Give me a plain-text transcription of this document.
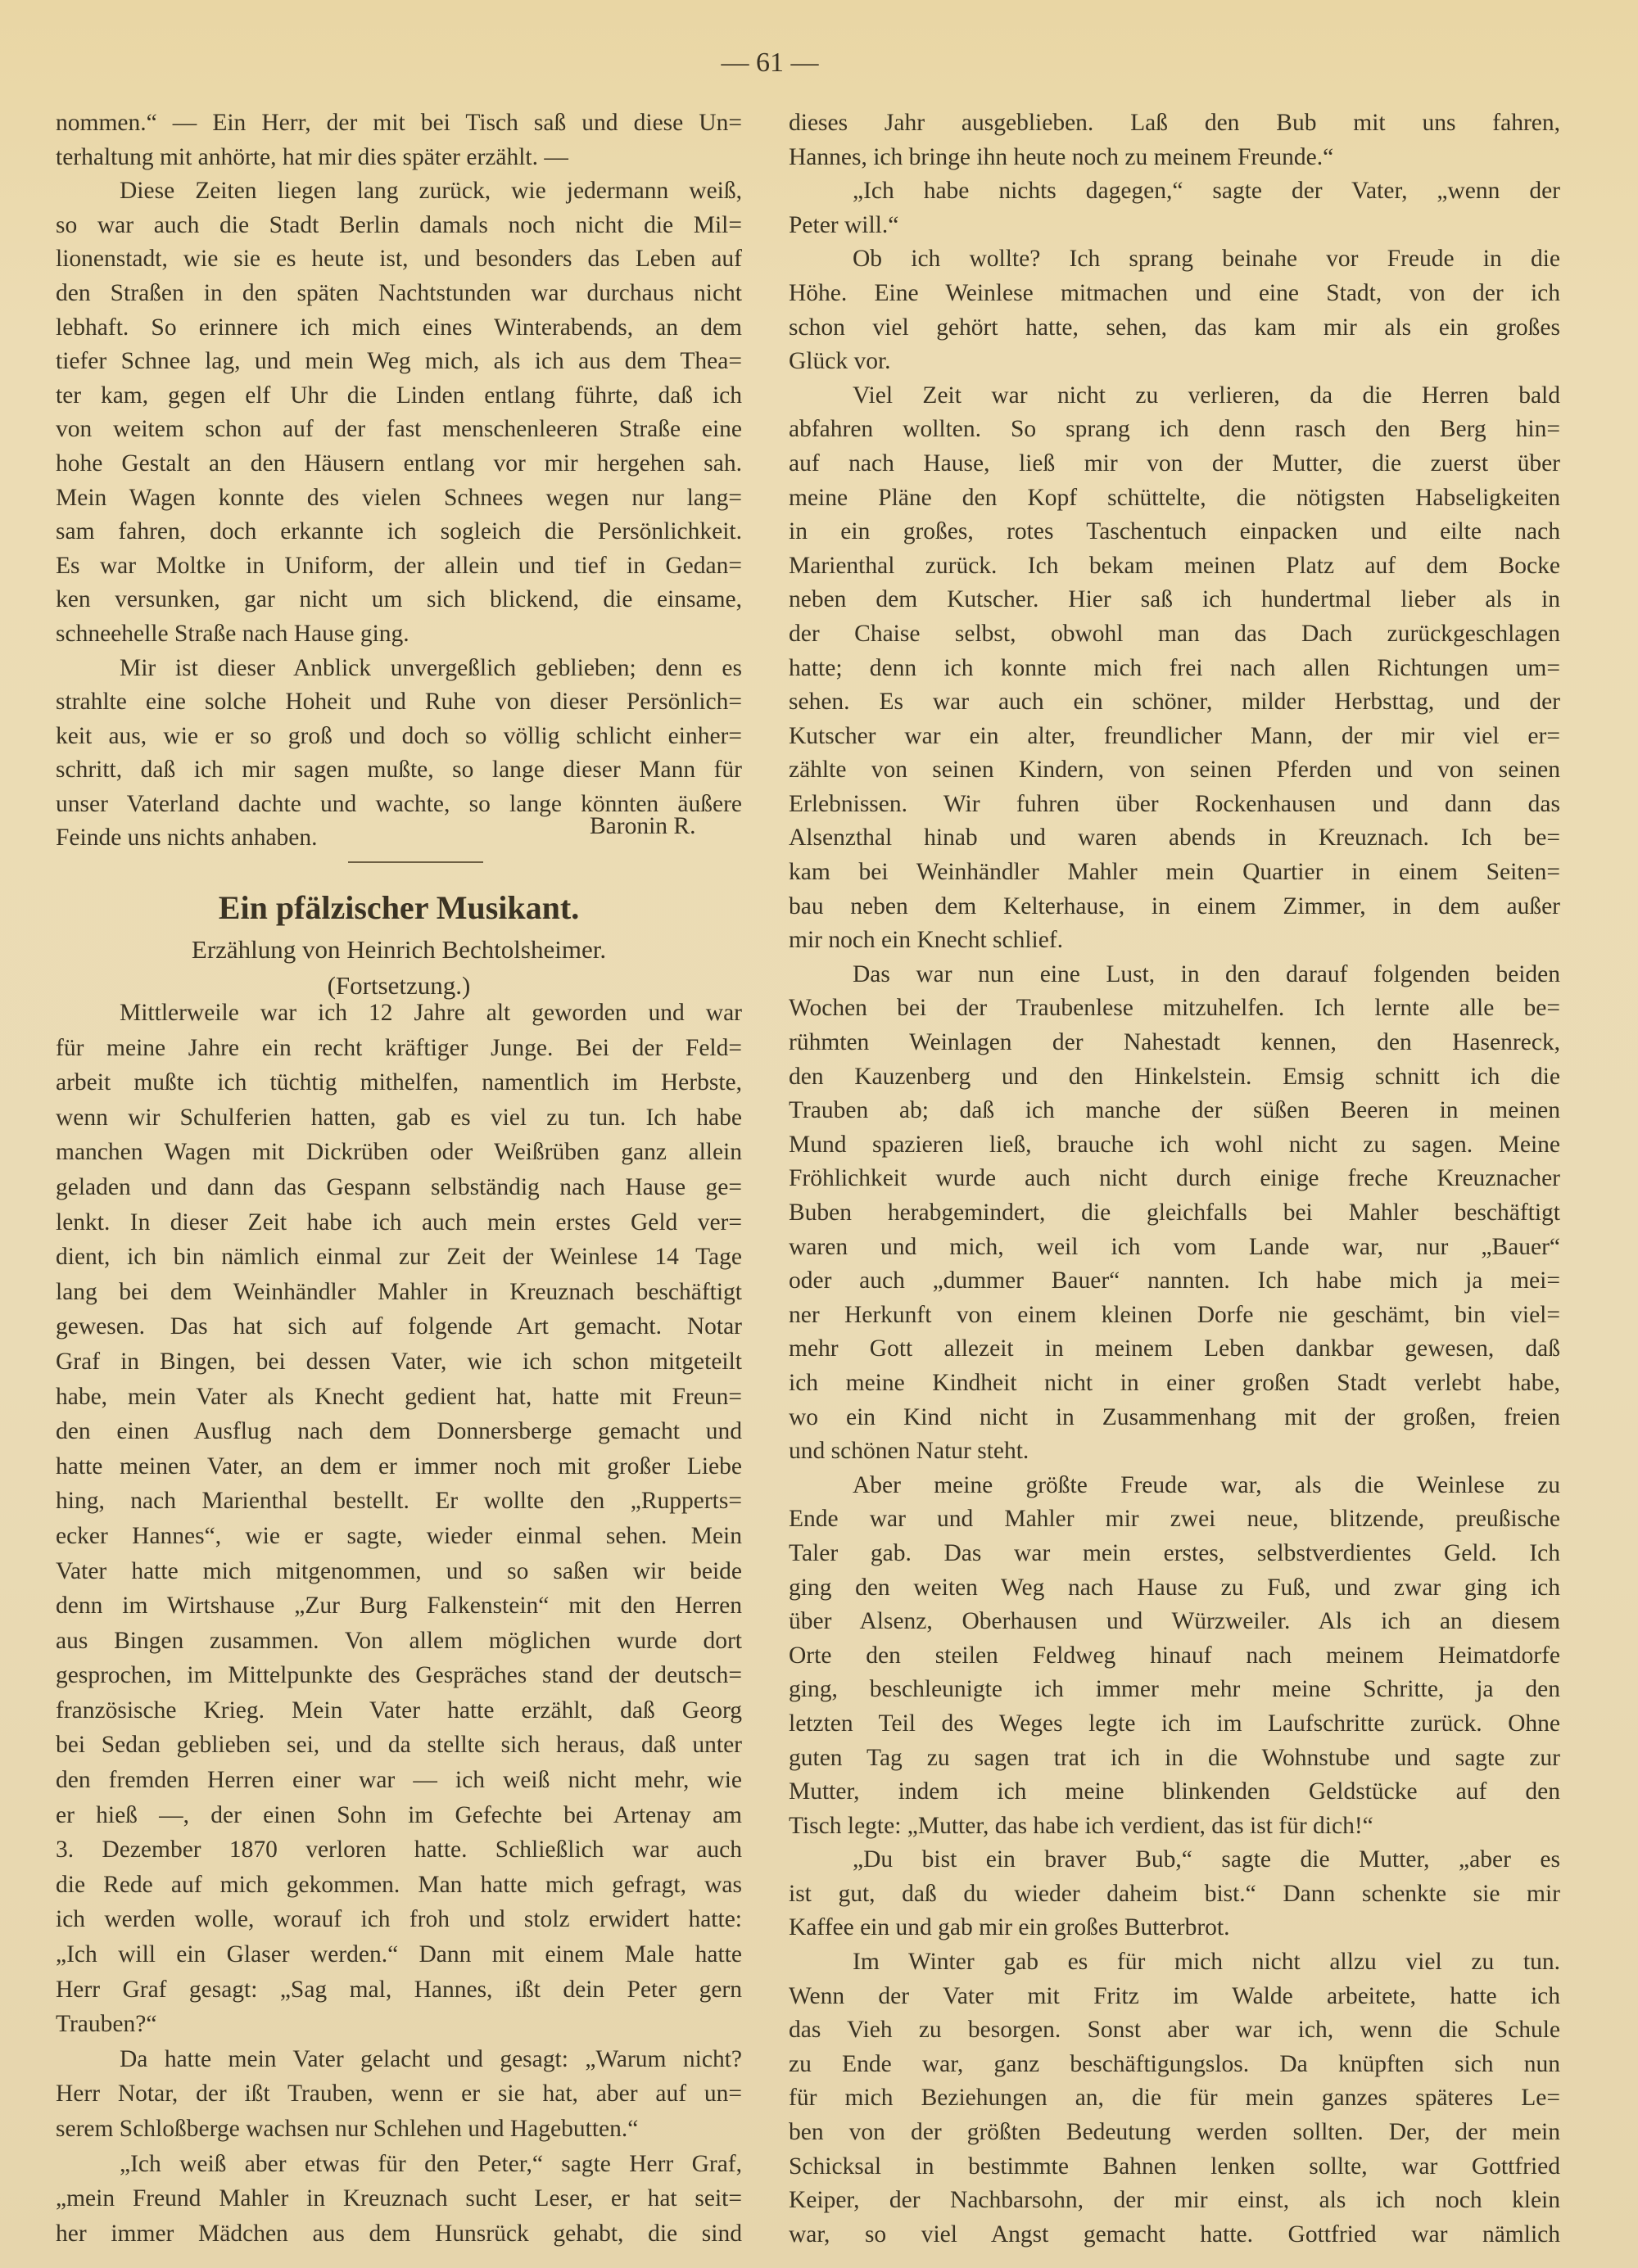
— 61 —
nommen.“ — Ein Herr, der mit bei Tisch saß und diese Un=
terhaltung mit anhörte, hat mir dies später erzählt. —
Diese Zeiten liegen lang zurück, wie jedermann weiß,
so war auch die Stadt Berlin damals noch nicht die Mil=
lionenstadt, wie sie es heute ist, und besonders das Leben auf
den Straßen in den späten Nachtstunden war durchaus nicht
lebhaft. So erinnere ich mich eines Winterabends, an dem
tiefer Schnee lag, und mein Weg mich, als ich aus dem Thea=
ter kam, gegen elf Uhr die Linden entlang führte, daß ich
von weitem schon auf der fast menschenleeren Straße eine
hohe Gestalt an den Häusern entlang vor mir hergehen sah.
Mein Wagen konnte des vielen Schnees wegen nur lang=
sam fahren, doch erkannte ich sogleich die Persönlichkeit.
Es war Moltke in Uniform, der allein und tief in Gedan=
ken versunken, gar nicht um sich blickend, die einsame,
schneehelle Straße nach Hause ging.
Mir ist dieser Anblick unvergeßlich geblieben; denn es
strahlte eine solche Hoheit und Ruhe von dieser Persönlich=
keit aus, wie er so groß und doch so völlig schlicht einher=
schritt, daß ich mir sagen mußte, so lange dieser Mann für
unser Vaterland dachte und wachte, so lange könnten äußere
Feinde uns nichts anhaben.	Baronin R.
Ein pfälzischer Musikant.
Erzählung von Heinrich Bechtolsheimer.
(Fortsetzung.)
Mittlerweile war ich 12 Jahre alt geworden und war
für meine Jahre ein recht kräftiger Junge. Bei der Feld=
arbeit mußte ich tüchtig mithelfen, namentlich im Herbste,
wenn wir Schulferien hatten, gab es viel zu tun. Ich habe
manchen Wagen mit Dickrüben oder Weißrüben ganz allein
geladen und dann das Gespann selbständig nach Hause ge=
lenkt. In dieser Zeit habe ich auch mein erstes Geld ver=
dient, ich bin nämlich einmal zur Zeit der Weinlese 14 Tage
lang bei dem Weinhändler Mahler in Kreuznach beschäftigt
gewesen. Das hat sich auf folgende Art gemacht. Notar
Graf in Bingen, bei dessen Vater, wie ich schon mitgeteilt
habe, mein Vater als Knecht gedient hat, hatte mit Freun=
den einen Ausflug nach dem Donnersberge gemacht und
hatte meinen Vater, an dem er immer noch mit großer Liebe
hing, nach Marienthal bestellt. Er wollte den „Rupperts=
ecker Hannes“, wie er sagte, wieder einmal sehen. Mein
Vater hatte mich mitgenommen, und so saßen wir beide
denn im Wirtshause „Zur Burg Falkenstein“ mit den Herren
aus Bingen zusammen. Von allem möglichen wurde dort
gesprochen, im Mittelpunkte des Gespräches stand der deutsch=
französische Krieg. Mein Vater hatte erzählt, daß Georg
bei Sedan geblieben sei, und da stellte sich heraus, daß unter
den fremden Herren einer war — ich weiß nicht mehr, wie
er hieß —, der einen Sohn im Gefechte bei Artenay am
3. Dezember 1870 verloren hatte. Schließlich war auch
die Rede auf mich gekommen. Man hatte mich gefragt, was
ich werden wolle, worauf ich froh und stolz erwidert hatte:
„Ich will ein Glaser werden.“ Dann mit einem Male hatte
Herr Graf gesagt: „Sag mal, Hannes, ißt dein Peter gern
Trauben?“
Da hatte mein Vater gelacht und gesagt: „Warum nicht?
Herr Notar, der ißt Trauben, wenn er sie hat, aber auf un=
serem Schloßberge wachsen nur Schlehen und Hagebutten.“
„Ich weiß aber etwas für den Peter,“ sagte Herr Graf,
„mein Freund Mahler in Kreuznach sucht Leser, er hat seit=
her immer Mädchen aus dem Hunsrück gehabt, die sind
dieses Jahr ausgeblieben. Laß den Bub mit uns fahren,
Hannes, ich bringe ihn heute noch zu meinem Freunde.“
„Ich habe nichts dagegen,“ sagte der Vater, „wenn der
Peter will.“
Ob ich wollte? Ich sprang beinahe vor Freude in die
Höhe. Eine Weinlese mitmachen und eine Stadt, von der ich
schon viel gehört hatte, sehen, das kam mir als ein großes
Glück vor.
Viel Zeit war nicht zu verlieren, da die Herren bald
abfahren wollten. So sprang ich denn rasch den Berg hin=
auf nach Hause, ließ mir von der Mutter, die zuerst über
meine Pläne den Kopf schüttelte, die nötigsten Habseligkeiten
in ein großes, rotes Taschentuch einpacken und eilte nach
Marienthal zurück. Ich bekam meinen Platz auf dem Bocke
neben dem Kutscher. Hier saß ich hundertmal lieber als in
der Chaise selbst, obwohl man das Dach zurückgeschlagen
hatte; denn ich konnte mich frei nach allen Richtungen um=
sehen. Es war auch ein schöner, milder Herbsttag, und der
Kutscher war ein alter, freundlicher Mann, der mir viel er=
zählte von seinen Kindern, von seinen Pferden und von seinen
Erlebnissen. Wir fuhren über Rockenhausen und dann das
Alsenzthal hinab und waren abends in Kreuznach. Ich be=
kam bei Weinhändler Mahler mein Quartier in einem Seiten=
bau neben dem Kelterhause, in einem Zimmer, in dem außer
mir noch ein Knecht schlief.
Das war nun eine Lust, in den darauf folgenden beiden
Wochen bei der Traubenlese mitzuhelfen. Ich lernte alle be=
rühmten Weinlagen der Nahestadt kennen, den Hasenreck,
den Kauzenberg und den Hinkelstein. Emsig schnitt ich die
Trauben ab; daß ich manche der süßen Beeren in meinen
Mund spazieren ließ, brauche ich wohl nicht zu sagen. Meine
Fröhlichkeit wurde auch nicht durch einige freche Kreuznacher
Buben herabgemindert, die gleichfalls bei Mahler beschäftigt
waren und mich, weil ich vom Lande war, nur „Bauer“
oder auch „dummer Bauer“ nannten. Ich habe mich ja mei=
ner Herkunft von einem kleinen Dorfe nie geschämt, bin viel=
mehr Gott allezeit in meinem Leben dankbar gewesen, daß
ich meine Kindheit nicht in einer großen Stadt verlebt habe,
wo ein Kind nicht in Zusammenhang mit der großen, freien
und schönen Natur steht.
Aber meine größte Freude war, als die Weinlese zu
Ende war und Mahler mir zwei neue, blitzende, preußische
Taler gab. Das war mein erstes, selbstverdientes Geld. Ich
ging den weiten Weg nach Hause zu Fuß, und zwar ging ich
über Alsenz, Oberhausen und Würzweiler. Als ich an diesem
Orte den steilen Feldweg hinauf nach meinem Heimatdorfe
ging, beschleunigte ich immer mehr meine Schritte, ja den
letzten Teil des Weges legte ich im Laufschritte zurück. Ohne
guten Tag zu sagen trat ich in die Wohnstube und sagte zur
Mutter, indem ich meine blinkenden Geldstücke auf den
Tisch legte: „Mutter, das habe ich verdient, das ist für dich!“
„Du bist ein braver Bub,“ sagte die Mutter, „aber es
ist gut, daß du wieder daheim bist.“ Dann schenkte sie mir
Kaffee ein und gab mir ein großes Butterbrot.
Im Winter gab es für mich nicht allzu viel zu tun.
Wenn der Vater mit Fritz im Walde arbeitete, hatte ich
das Vieh zu besorgen. Sonst aber war ich, wenn die Schule
zu Ende war, ganz beschäftigungslos. Da knüpften sich nun
für mich Beziehungen an, die für mein ganzes späteres Le=
ben von der größten Bedeutung werden sollten. Der, der mein
Schicksal in bestimmte Bahnen lenken sollte, war Gottfried
Keiper, der Nachbarsohn, der mir einst, als ich noch klein
war, so viel Angst gemacht hatte. Gottfried war nämlich
